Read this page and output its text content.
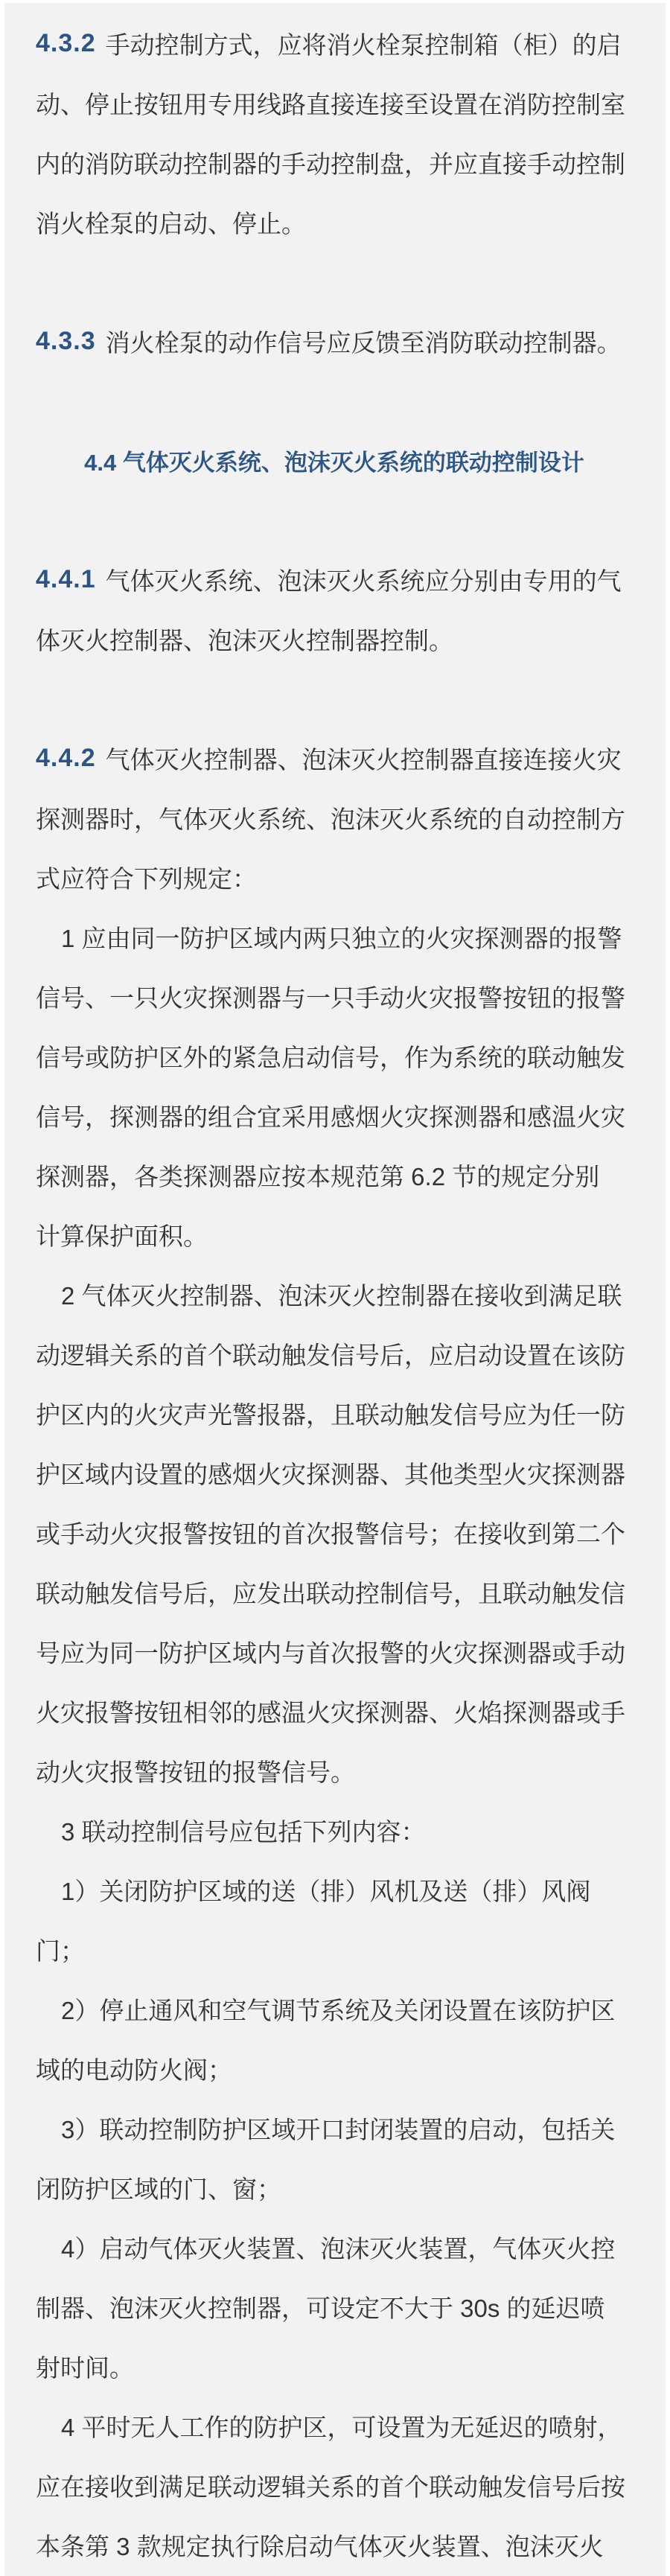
4.3.2 手动控制方式，应将消火栓泵控制箱（柜）的启
动、停止按钮用专用线路直接连接至设置在消防控制室
内的消防联动控制器的手动控制盘，并应直接手动控制
消火栓泵的启动、停止。
4.3.3 消火栓泵的动作信号应反馈至消防联动控制器。
4.4 气体灭火系统、泡沫灭火系统的联动控制设计
4.4.1 气体灭火系统、泡沫灭火系统应分别由专用的气
体灭火控制器、泡沫灭火控制器控制。
4.4.2 气体灭火控制器、泡沫灭火控制器直接连接火灾
探测器时，气体灭火系统、泡沫灭火系统的自动控制方
式应符合下列规定：
1 应由同一防护区域内两只独立的火灾探测器的报警
信号、一只火灾探测器与一只手动火灾报警按钮的报警
信号或防护区外的紧急启动信号，作为系统的联动触发
信号，探测器的组合宜采用感烟火灾探测器和感温火灾
探测器，各类探测器应按本规范第 6.2 节的规定分别
计算保护面积。
2 气体灭火控制器、泡沫灭火控制器在接收到满足联
动逻辑关系的首个联动触发信号后，应启动设置在该防
护区内的火灾声光警报器，且联动触发信号应为任一防
护区域内设置的感烟火灾探测器、其他类型火灾探测器
或手动火灾报警按钮的首次报警信号；在接收到第二个
联动触发信号后，应发出联动控制信号，且联动触发信
号应为同一防护区域内与首次报警的火灾探测器或手动
火灾报警按钮相邻的感温火灾探测器、火焰探测器或手
动火灾报警按钮的报警信号。
3 联动控制信号应包括下列内容：
1）关闭防护区域的送（排）风机及送（排）风阀
门；
2）停止通风和空气调节系统及关闭设置在该防护区
域的电动防火阀；
3）联动控制防护区域开口封闭装置的启动，包括关
闭防护区域的门、窗；
4）启动气体灭火装置、泡沫灭火装置，气体灭火控
制器、泡沫灭火控制器，可设定不大于 30s 的延迟喷
射时间。
4 平时无人工作的防护区，可设置为无延迟的喷射，
应在接收到满足联动逻辑关系的首个联动触发信号后按
本条第 3 款规定执行除启动气体灭火装置、泡沫灭火
